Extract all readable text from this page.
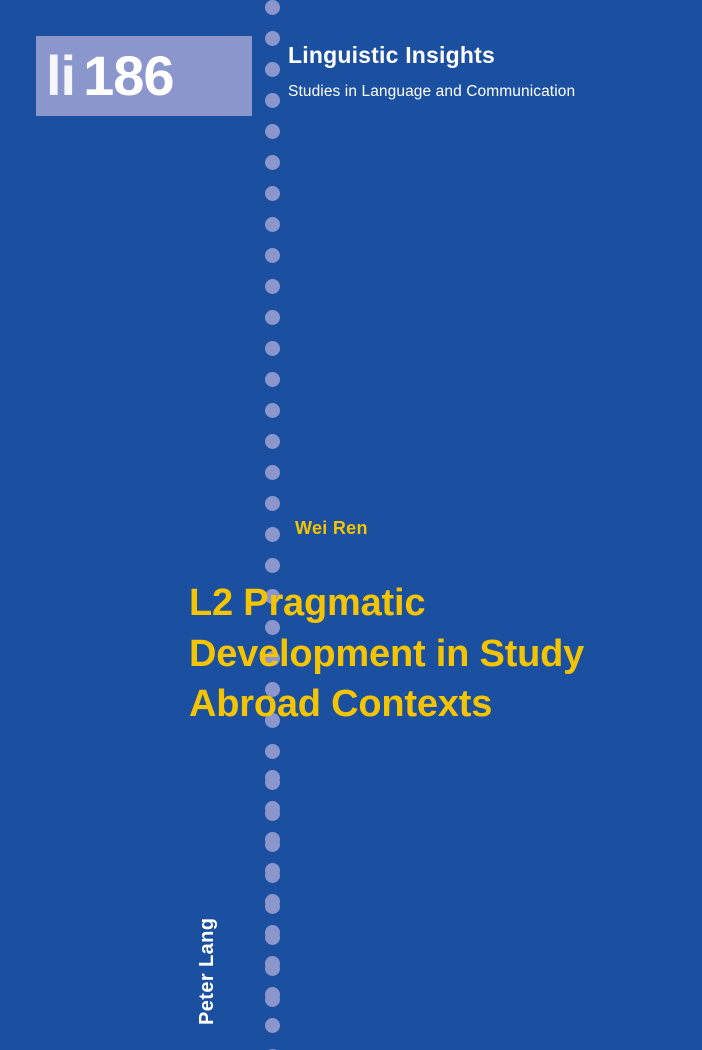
li 186	Linguistic Insights
Studies in Language and Communication
Wei Ren
L2 Pragmatic
Development in Study
Abroad Contexts
Peter Lang
